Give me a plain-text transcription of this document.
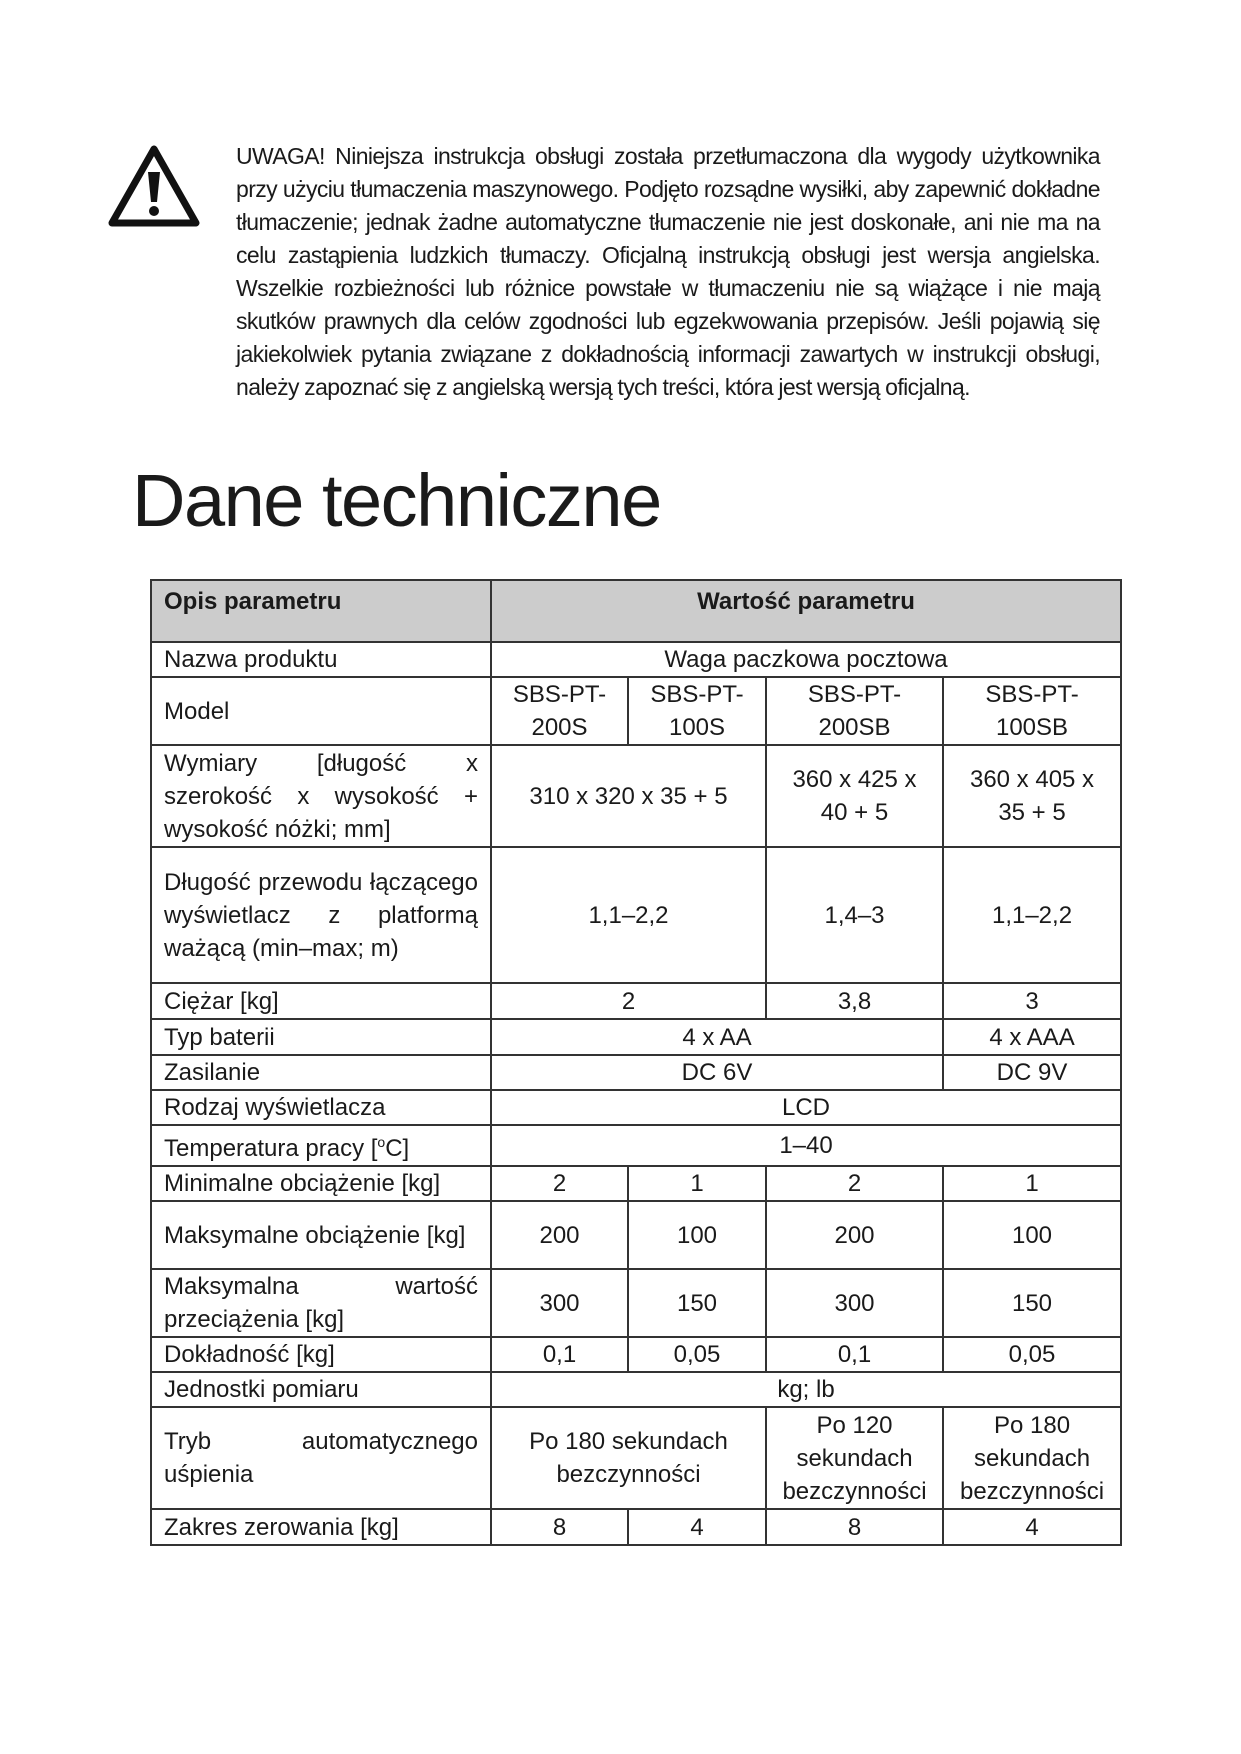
UWAGA! Niniejsza instrukcja obsługi została przetłumaczona dla wygody użytkownika przy użyciu tłumaczenia maszynowego. Podjęto rozsądne wysiłki, aby zapewnić dokładne tłumaczenie; jednak żadne automatyczne tłumaczenie nie jest doskonałe, ani nie ma na celu zastąpienia ludzkich tłumaczy. Oficjalną instrukcją obsługi jest wersja angielska. Wszelkie rozbieżności lub różnice powstałe w tłumaczeniu nie są wiążące i nie mają skutków prawnych dla celów zgodności lub egzekwowania przepisów. Jeśli pojawią się jakiekolwiek pytania związane z dokładnością informacji zawartych w instrukcji obsługi, należy zapoznać się z angielską wersją tych treści, która jest wersją oficjalną.

Dane techniczne
Opis parametru	Wartość parametru			
Nazwa produktu	Waga paczkowa pocztowa			
Model	SBS-PT-200S	SBS-PT-100S	SBS-PT-200SB	SBS-PT-100SB
Wymiary [długość x szerokość x wysokość + wysokość nóżki; mm]	310 x 320 x 35 + 5		360 x 425 x 40 + 5	360 x 405 x 35 + 5
Długość przewodu łączącego wyświetlacz z platformą ważącą (min–max; m)	1,1–2,2		1,4–3	1,1–2,2
Ciężar [kg]	2		3,8	3
Typ baterii	4 x AA			4 x AAA
Zasilanie	DC 6V			DC 9V
Rodzaj wyświetlacza	LCD			
Temperatura pracy [$^o$C]	1–40			
Minimalne obciążenie [kg]	2	1	2	1
Maksymalne obciążenie [kg]	200	100	200	100
Maksymalna wartość przeciążenia [kg]	300	150	300	150
Dokładność [kg]	0,1	0,05	0,1	0,05
Jednostki pomiaru	kg; lb			
Tryb automatycznego uśpienia	Po 180 sekundach bezczynności		Po 120 sekundach bezczynności	Po 180 sekundach bezczynności
Zakres zerowania [kg]	8	4	8	4
